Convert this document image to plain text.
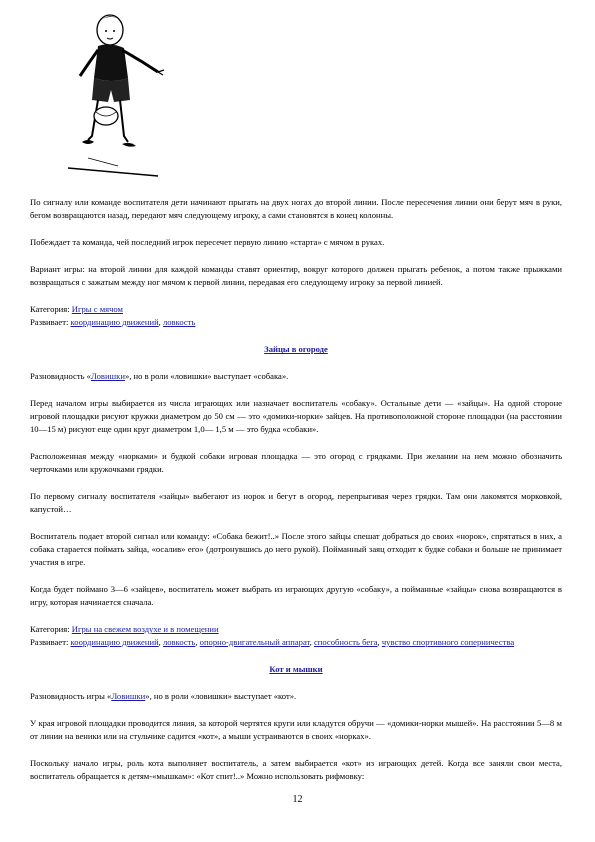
По сигналу или команде воспитателя дети начинают прыгать на двух ногах до второй линии. После пересечения линии они берут мяч в руки, бегом возвращаются назад, передают мяч следующему игроку, а сами становятся в конец колонны.

Побеждает та команда, чей последний игрок пересечет первую линию «старта» с мячом в руках.

Вариант игры: на второй линии для каждой команды ставят ориентир, вокруг которого должен прыгать ребенок, а потом также прыжками возвращаться с зажатым между ног мячом к первой линии, передавая его следующему игроку за первой линией.

Категория: Игры с мячом
Развивает: координацию движений, ловкость
Зайцы в огороде

Разновидность «Ловишки», но в роли «ловишки» выступает «собака».

Перед началом игры выбирается из числа играющих или назначает воспитатель «собаку». Остальные дети — «зайцы». На одной стороне игровой площадки рисуют кружки диаметром до 50 см — это «домики-норки» зайцев. На противоположной стороне площадки (на расстоянии 10—15 м) рисуют еще один круг диаметром 1,0— 1,5 м — это будка «собаки».

Расположенная между «норками» и будкой собаки игровая площадка — это огород с грядками. При желании на нем можно обозначить черточками или кружочками грядки.

По первому сигналу воспитателя «зайцы» выбегают из норок и бегут в огород, перепрыгивая через грядки. Там они лакомятся морковкой, капустой…

Воспитатель подает второй сигнал или команду: «Собака бежит!..» После этого зайцы спешат добраться до своих «норок», спрятаться в них, а собака старается поймать зайца, «осалив» его» (дотронувшись до него рукой). Пойманный заяц отходит к будке собаки и больше не принимает участия в игре.

Когда будет поймано 3—6 «зайцев», воспитатель может выбрать из играющих другую «собаку», а пойманные «зайцы» снова возвращаются в игру, которая начинается сначала.

Категория: Игры на свежем воздухе и в помещении
Развивает: координацию движений, ловкость, опорно-двигательный аппарат, способность бега, чувство спортивного соперничества
Кот и мышки

Разновидность игры «Ловишки», но в роли «ловишки» выступает «кот».

У края игровой площадки проводится линия, за которой чертятся круги или кладутся обручи — «домики-норки мышей». На расстоянии 5—8 м от линии на веники или на стульчике садится «кот», а мыши устраиваются в своих «норках».

Поскольку начало игры, роль кота выполняет воспитатель, а затем выбирается «кот» из играющих детей. Когда все заняли свои места, воспитатель обращается к детям-«мышкам»: «Кот спит!..» Можно использовать рифмовку:

12
